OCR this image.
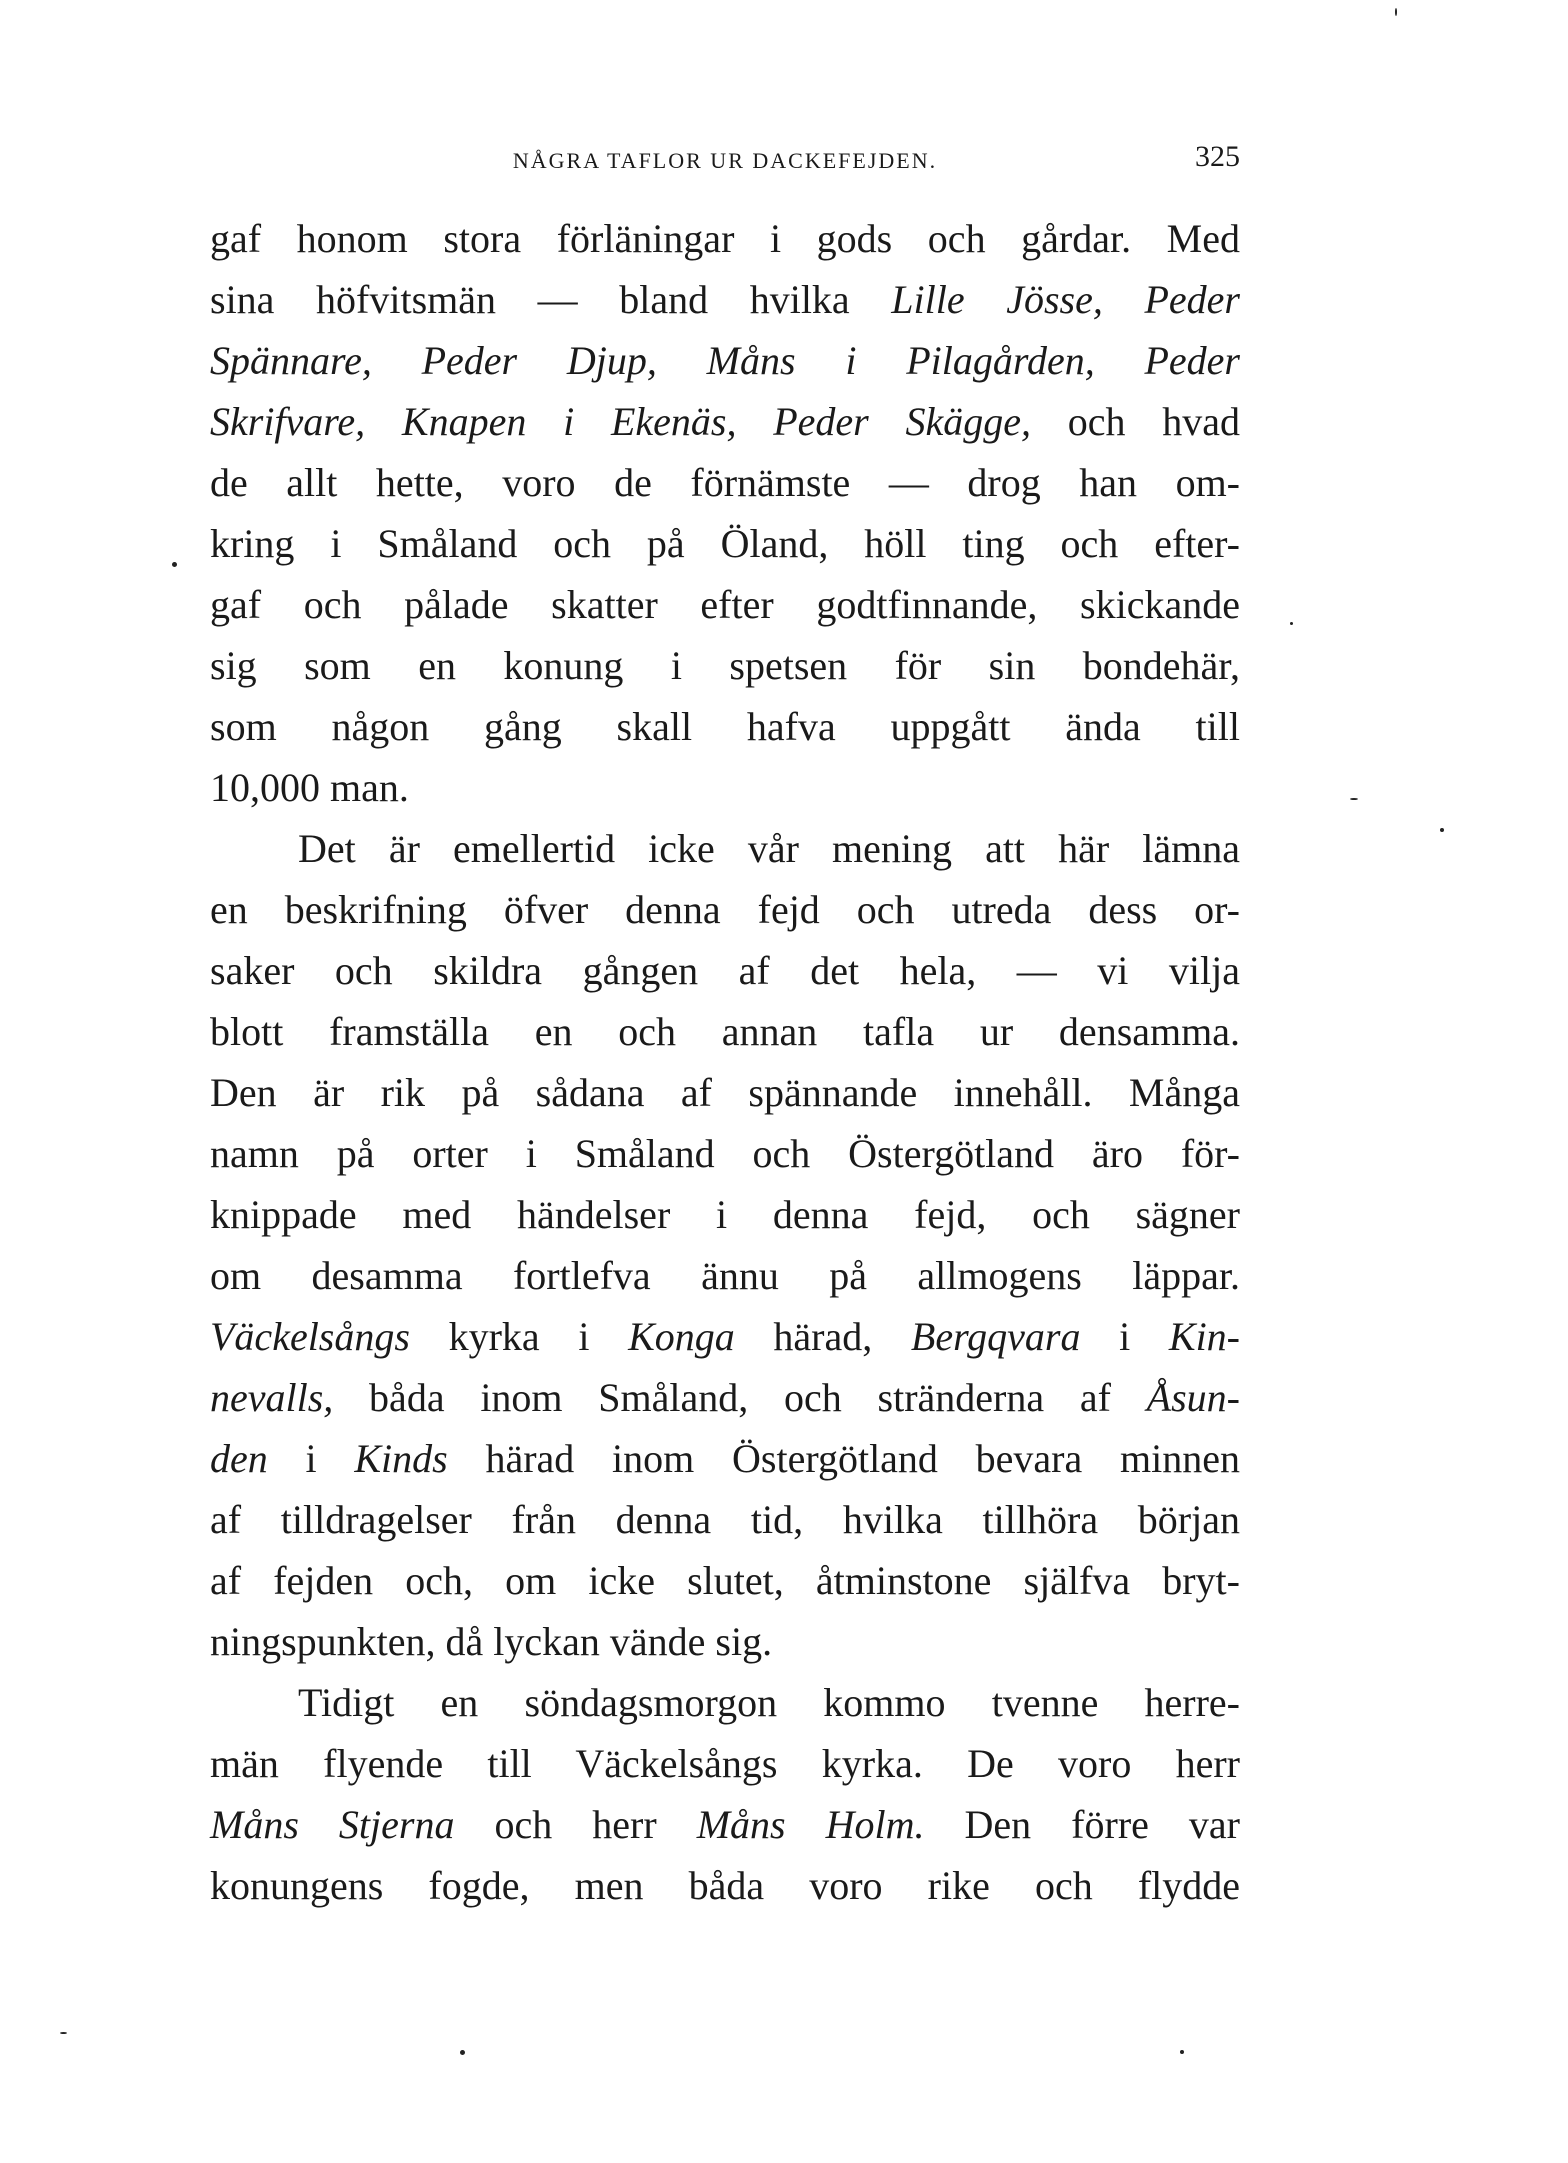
NÅGRA TAFLOR UR DACKEFEJDEN.	325
gaf honom stora förläningar i gods och gårdar. Med
sina höfvitsmän — bland hvilka Lille Jösse, Peder
Spännare, Peder Djup, Måns i Pilagården, Peder
Skrifvare, Knapen i Ekenäs, Peder Skägge, och hvad
de allt hette, voro de förnämste — drog han om-
kring i Småland och på Öland, höll ting och efter-
gaf och pålade skatter efter godtfinnande, skickande
sig som en konung i spetsen för sin bondehär,
som någon gång skall hafva uppgått ända till
10,000 man.
Det är emellertid icke vår mening att här lämna
en beskrifning öfver denna fejd och utreda dess or-
saker och skildra gången af det hela, — vi vilja
blott framställa en och annan tafla ur densamma.
Den är rik på sådana af spännande innehåll. Många
namn på orter i Småland och Östergötland äro för-
knippade med händelser i denna fejd, och sägner
om desamma fortlefva ännu på allmogens läppar.
Väckelsångs kyrka i Konga härad, Bergqvara i Kin-
nevalls, båda inom Småland, och stränderna af Åsun-
den i Kinds härad inom Östergötland bevara minnen
af tilldragelser från denna tid, hvilka tillhöra början
af fejden och, om icke slutet, åtminstone själfva bryt-
ningspunkten, då lyckan vände sig.
Tidigt en söndagsmorgon kommo tvenne herre-
män flyende till Väckelsångs kyrka. De voro herr
Måns Stjerna och herr Måns Holm. Den förre var
konungens fogde, men båda voro rike och flydde
